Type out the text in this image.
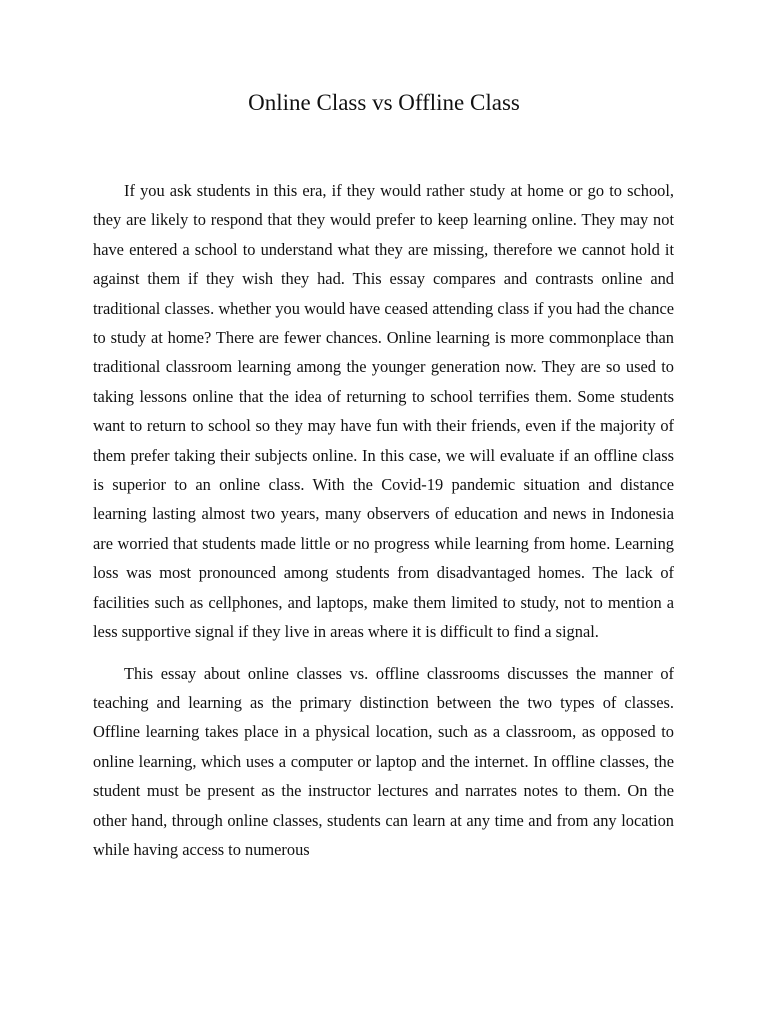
Online Class vs Offline Class

If you ask students in this era, if they would rather study at home or go to school, they are likely to respond that they would prefer to keep learning online. They may not have entered a school to understand what they are missing, therefore we cannot hold it against them if they wish they had. This essay compares and contrasts online and traditional classes. whether you would have ceased attending class if you had the chance to study at home? There are fewer chances. Online learning is more commonplace than traditional classroom learning among the younger generation now. They are so used to taking lessons online that the idea of returning to school terrifies them. Some students want to return to school so they may have fun with their friends, even if the majority of them prefer taking their subjects online. In this case, we will evaluate if an offline class is superior to an online class. With the Covid-19 pandemic situation and distance learning lasting almost two years, many observers of education and news in Indonesia are worried that students made little or no progress while learning from home. Learning loss was most pronounced among students from disadvantaged homes. The lack of facilities such as cellphones, and laptops, make them limited to study, not to mention a less supportive signal if they live in areas where it is difficult to find a signal.

This essay about online classes vs. offline classrooms discusses the manner of teaching and learning as the primary distinction between the two types of classes. Offline learning takes place in a physical location, such as a classroom, as opposed to online learning, which uses a computer or laptop and the internet. In offline classes, the student must be present as the instructor lectures and narrates notes to them. On the other hand, through online classes, students can learn at any time and from any location while having access to numerous
